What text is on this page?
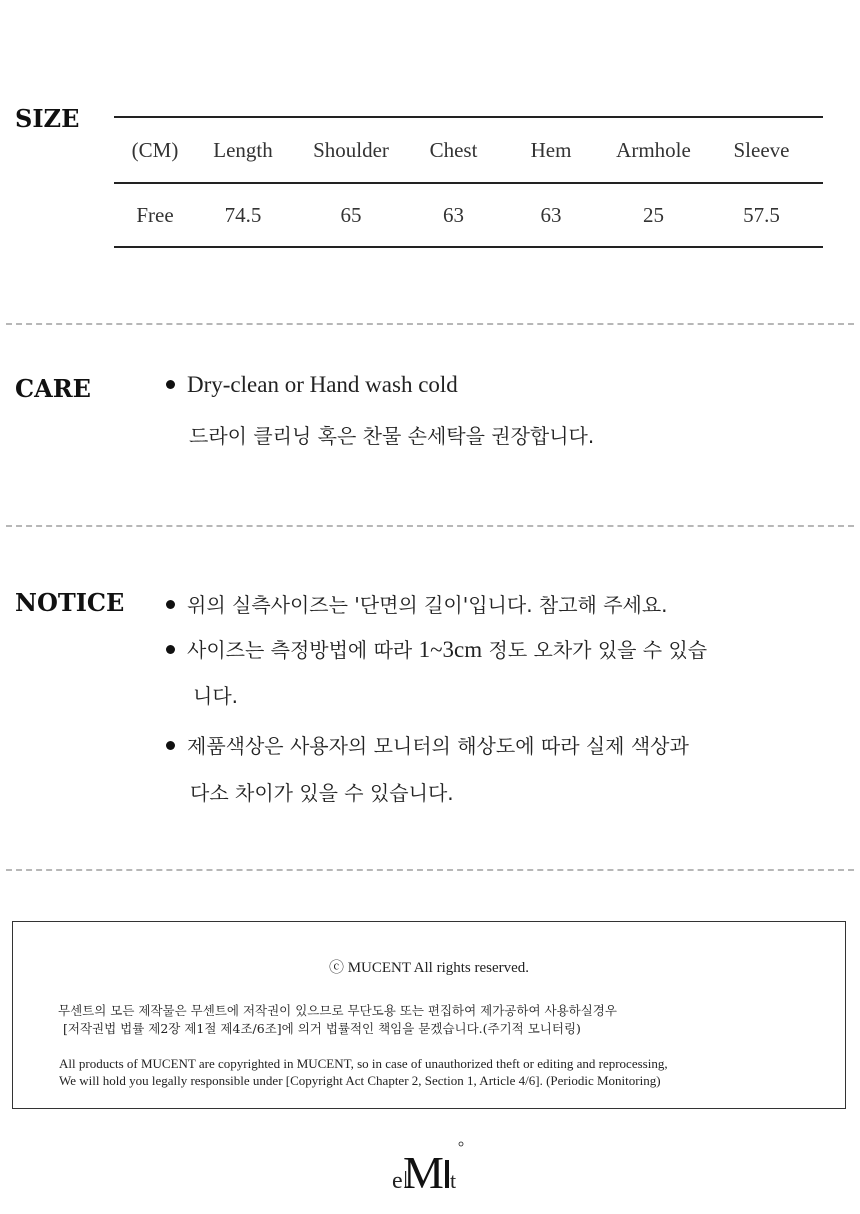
SIZE
(CM)	Length	Shoulder	Chest	Hem	Armhole	Sleeve
Free	74.5	65	63	63	25	57.5
CARE	Dry-clean or Hand wash cold
드라이 클리닝 혹은 찬물 손세탁을 권장합니다.
NOTICE	위의 실측사이즈는 '단면의 길이'입니다. 참고해 주세요.
사이즈는 측정방법에 따라 1~3cm 정도 오차가 있을 수 있습
니다.
제품색상은 사용자의 모니터의 해상도에 따라 실제 색상과
다소 차이가 있을 수 있습니다.
ⓒ MUCENT All rights reserved.
무센트의 모든 제작물은 무센트에 저작권이 있으므로 무단도용 또는 편집하여 제가공하여 사용하실경우
[저작권법 법률 제2장 제1절 제4조/6조]에 의거 법률적인 책임을 묻겠습니다.(주기적 모니터링)
All products of MUCENT are copyrighted in MUCENT, so in case of unauthorized theft or editing and reprocessing,
We will hold you legally responsible under [Copyright Act Chapter 2, Section 1, Article 4/6]. (Periodic Monitoring)
e M t
